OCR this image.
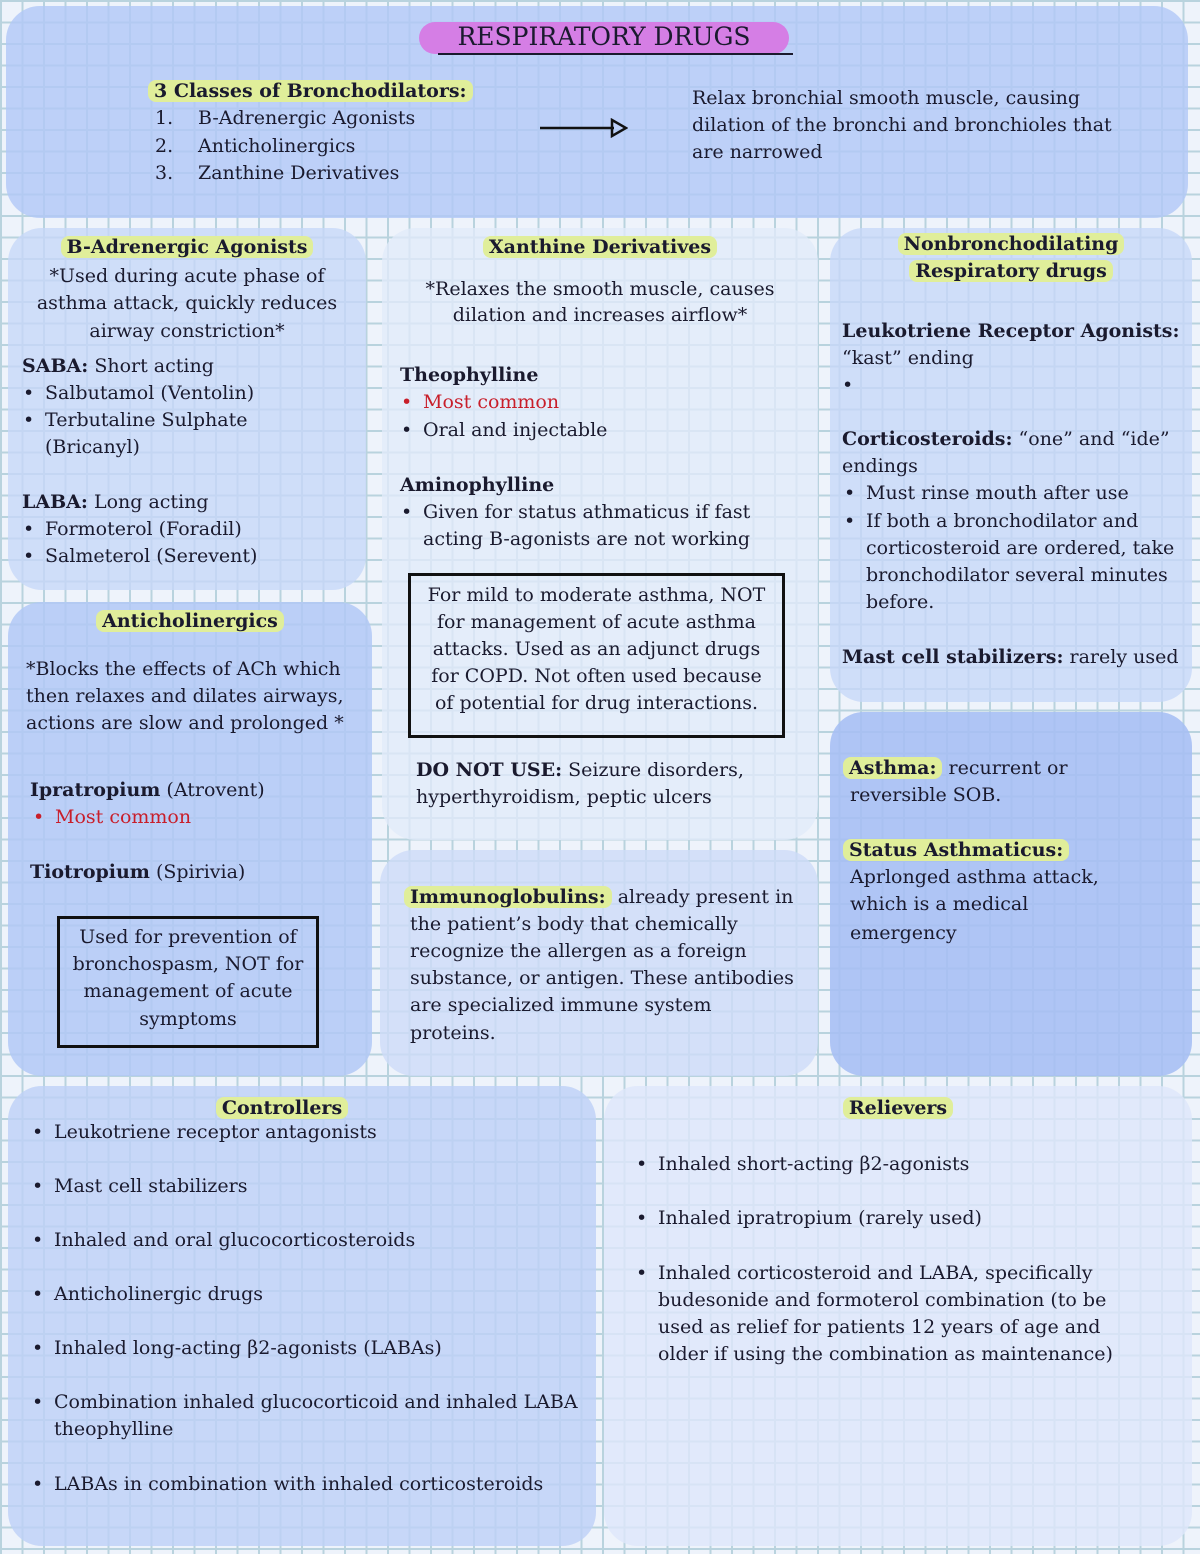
RESPIRATORY DRUGS
3 Classes of Bronchodilators:
1. B-Adrenergic Agonists
2. Anticholinergics
3. Zanthine Derivatives
Relax bronchial smooth muscle, causing
dilation of the bronchi and bronchioles that
are narrowed
B-Adrenergic Agonists
*Used during acute phase of
asthma attack, quickly reduces
airway constriction*
SABA: Short acting
• Salbutamol (Ventolin)
• Terbutaline Sulphate
(Bricanyl)
LABA: Long acting
• Formoterol (Foradil)
• Salmeterol (Serevent)
Xanthine Derivatives
*Relaxes the smooth muscle, causes
dilation and increases airflow*
Theophylline
• Most common
• Oral and injectable
Aminophylline
• Given for status athmaticus if fast
acting B-agonists are not working
For mild to moderate asthma, NOT
for management of acute asthma
attacks. Used as an adjunct drugs
for COPD. Not often used because
of potential for drug interactions.
DO NOT USE: Seizure disorders,
hyperthyroidism, peptic ulcers
Nonbronchodilating
Respiratory drugs
Leukotriene Receptor Agonists:
“kast” ending
•
Corticosteroids: “one” and “ide”
endings
• Must rinse mouth after use
• If both a bronchodilator and
corticosteroid are ordered, take
bronchodilator several minutes
before.
Mast cell stabilizers: rarely used
Anticholinergics
*Blocks the effects of ACh which
then relaxes and dilates airways,
actions are slow and prolonged *
Ipratropium (Atrovent)
• Most common
Tiotropium (Spirivia)
Used for prevention of
bronchospasm, NOT for
management of acute
symptoms
Immunoglobulins: already present in
the patient’s body that chemically
recognize the allergen as a foreign
substance, or antigen. These antibodies
are specialized immune system
proteins.
Asthma: recurrent or
reversible SOB.
Status Asthmaticus:
Aprlonged asthma attack,
which is a medical
emergency
Controllers
• Leukotriene receptor antagonists
• Mast cell stabilizers
• Inhaled and oral glucocorticosteroids
• Anticholinergic drugs
• Inhaled long-acting β2-agonists (LABAs)
• Combination inhaled glucocorticoid and inhaled LABA
theophylline
• LABAs in combination with inhaled corticosteroids
Relievers
• Inhaled short-acting β2-agonists
• Inhaled ipratropium (rarely used)
• Inhaled corticosteroid and LABA, specifically
budesonide and formoterol combination (to be
used as relief for patients 12 years of age and
older if using the combination as maintenance)
